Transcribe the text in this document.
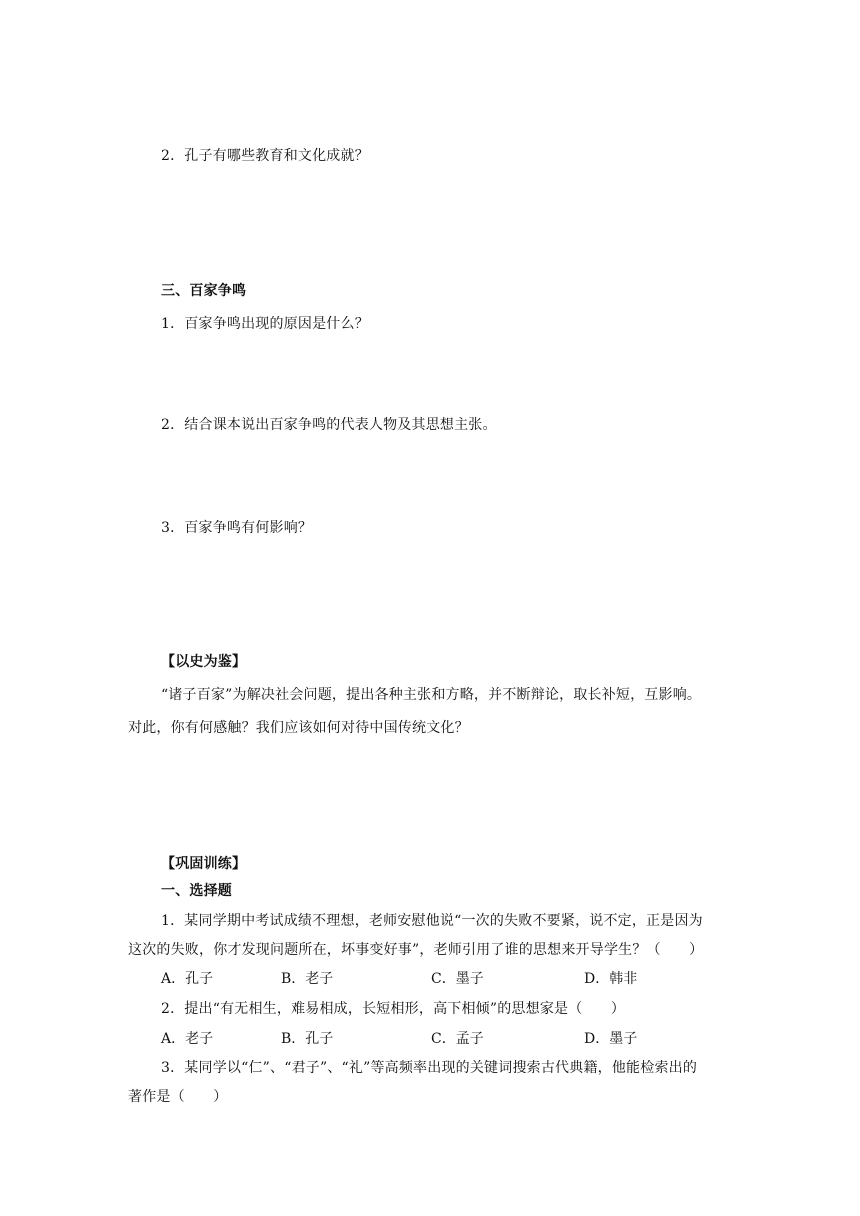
2．孔子有哪些教育和文化成就？
三、百家争鸣
1．百家争鸣出现的原因是什么？
2．结合课本说出百家争鸣的代表人物及其思想主张。
3．百家争鸣有何影响？
【以史为鉴】
“诸子百家”为解决社会问题，提出各种主张和方略，并不断辩论，取长补短，互影响。
对此，你有何感触？我们应该如何对待中国传统文化？
【巩固训练】
一、选择题
1．某同学期中考试成绩不理想，老师安慰他说“一次的失败不要紧，说不定，正是因为
这次的失败，你才发现问题所在，坏事变好事”，老师引用了谁的思想来开导学生？（　　）
A．孔子	B．老子	C．墨子	D．韩非
2．提出“有无相生，难易相成，长短相形，高下相倾”的思想家是（　　）
A．老子	B．孔子	C．孟子	D．墨子
3．某同学以“仁”、“君子”、“礼”等高频率出现的关键词搜索古代典籍，他能检索出的
著作是（　　）
